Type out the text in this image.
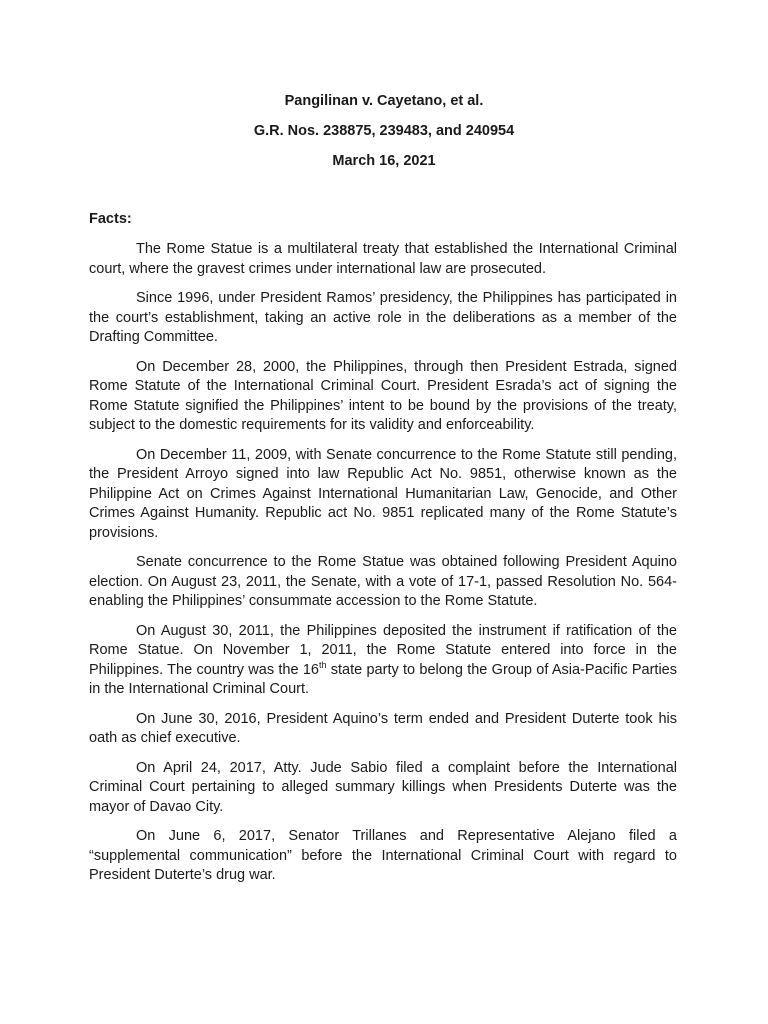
Pangilinan v. Cayetano, et al.
G.R. Nos. 238875, 239483, and 240954
March 16, 2021
Facts:

The Rome Statue is a multilateral treaty that established the International Criminal court, where the gravest crimes under international law are prosecuted.

Since 1996, under President Ramos’ presidency, the Philippines has participated in the court’s establishment, taking an active role in the deliberations as a member of the Drafting Committee.

On December 28, 2000, the Philippines, through then President Estrada, signed Rome Statute of the International Criminal Court. President Esrada’s act of signing the Rome Statute signified the Philippines’ intent to be bound by the provisions of the treaty, subject to the domestic requirements for its validity and enforceability.

On December 11, 2009, with Senate concurrence to the Rome Statute still pending, the President Arroyo signed into law Republic Act No. 9851, otherwise known as the Philippine Act on Crimes Against International Humanitarian Law, Genocide, and Other Crimes Against Humanity. Republic act No. 9851 replicated many of the Rome Statute’s provisions.

Senate concurrence to the Rome Statue was obtained following President Aquino election. On August 23, 2011, the Senate, with a vote of 17-1, passed Resolution No. 564-enabling the Philippines’ consummate accession to the Rome Statute.

On August 30, 2011, the Philippines deposited the instrument if ratification of the Rome Statue. On November 1, 2011, the Rome Statute entered into force in the Philippines. The country was the 16th state party to belong the Group of Asia-Pacific Parties in the International Criminal Court.

On June 30, 2016, President Aquino’s term ended and President Duterte took his oath as chief executive.

On April 24, 2017, Atty. Jude Sabio filed a complaint before the International Criminal Court pertaining to alleged summary killings when Presidents Duterte was the mayor of Davao City.

On June 6, 2017, Senator Trillanes and Representative Alejano filed a “supplemental communication” before the International Criminal Court with regard to President Duterte’s drug war.
